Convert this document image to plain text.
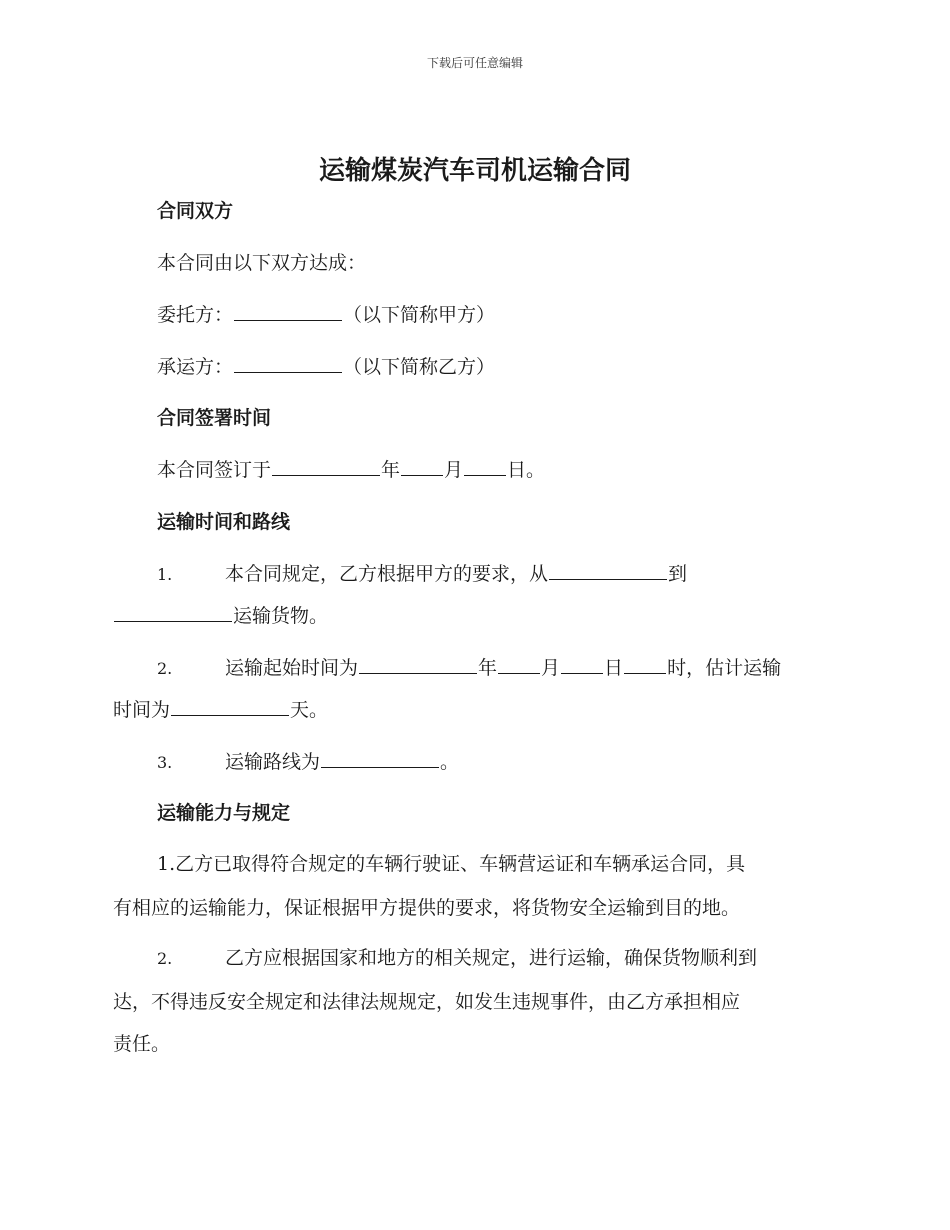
下载后可任意编辑
运输煤炭汽车司机运输合同
合同双方
本合同由以下双方达成：
委托方：	（以下简称甲方）
承运方：	（以下简称乙方）
合同签署时间
本合同签订于	年 月 日。
运输时间和路线
1.	本合同规定，乙方根据甲方的要求，从	到
运输货物。
2.	运输起始时间为	年 月 日 时，估计运输
时间为	天。
3.	运输路线为	。
运输能力与规定
1.乙方已取得符合规定的车辆行驶证、车辆营运证和车辆承运合同，具
有相应的运输能力，保证根据甲方提供的要求，将货物安全运输到目的地。
2.	乙方应根据国家和地方的相关规定，进行运输，确保货物顺利到
达，不得违反安全规定和法律法规规定，如发生违规事件，由乙方承担相应
责任。
